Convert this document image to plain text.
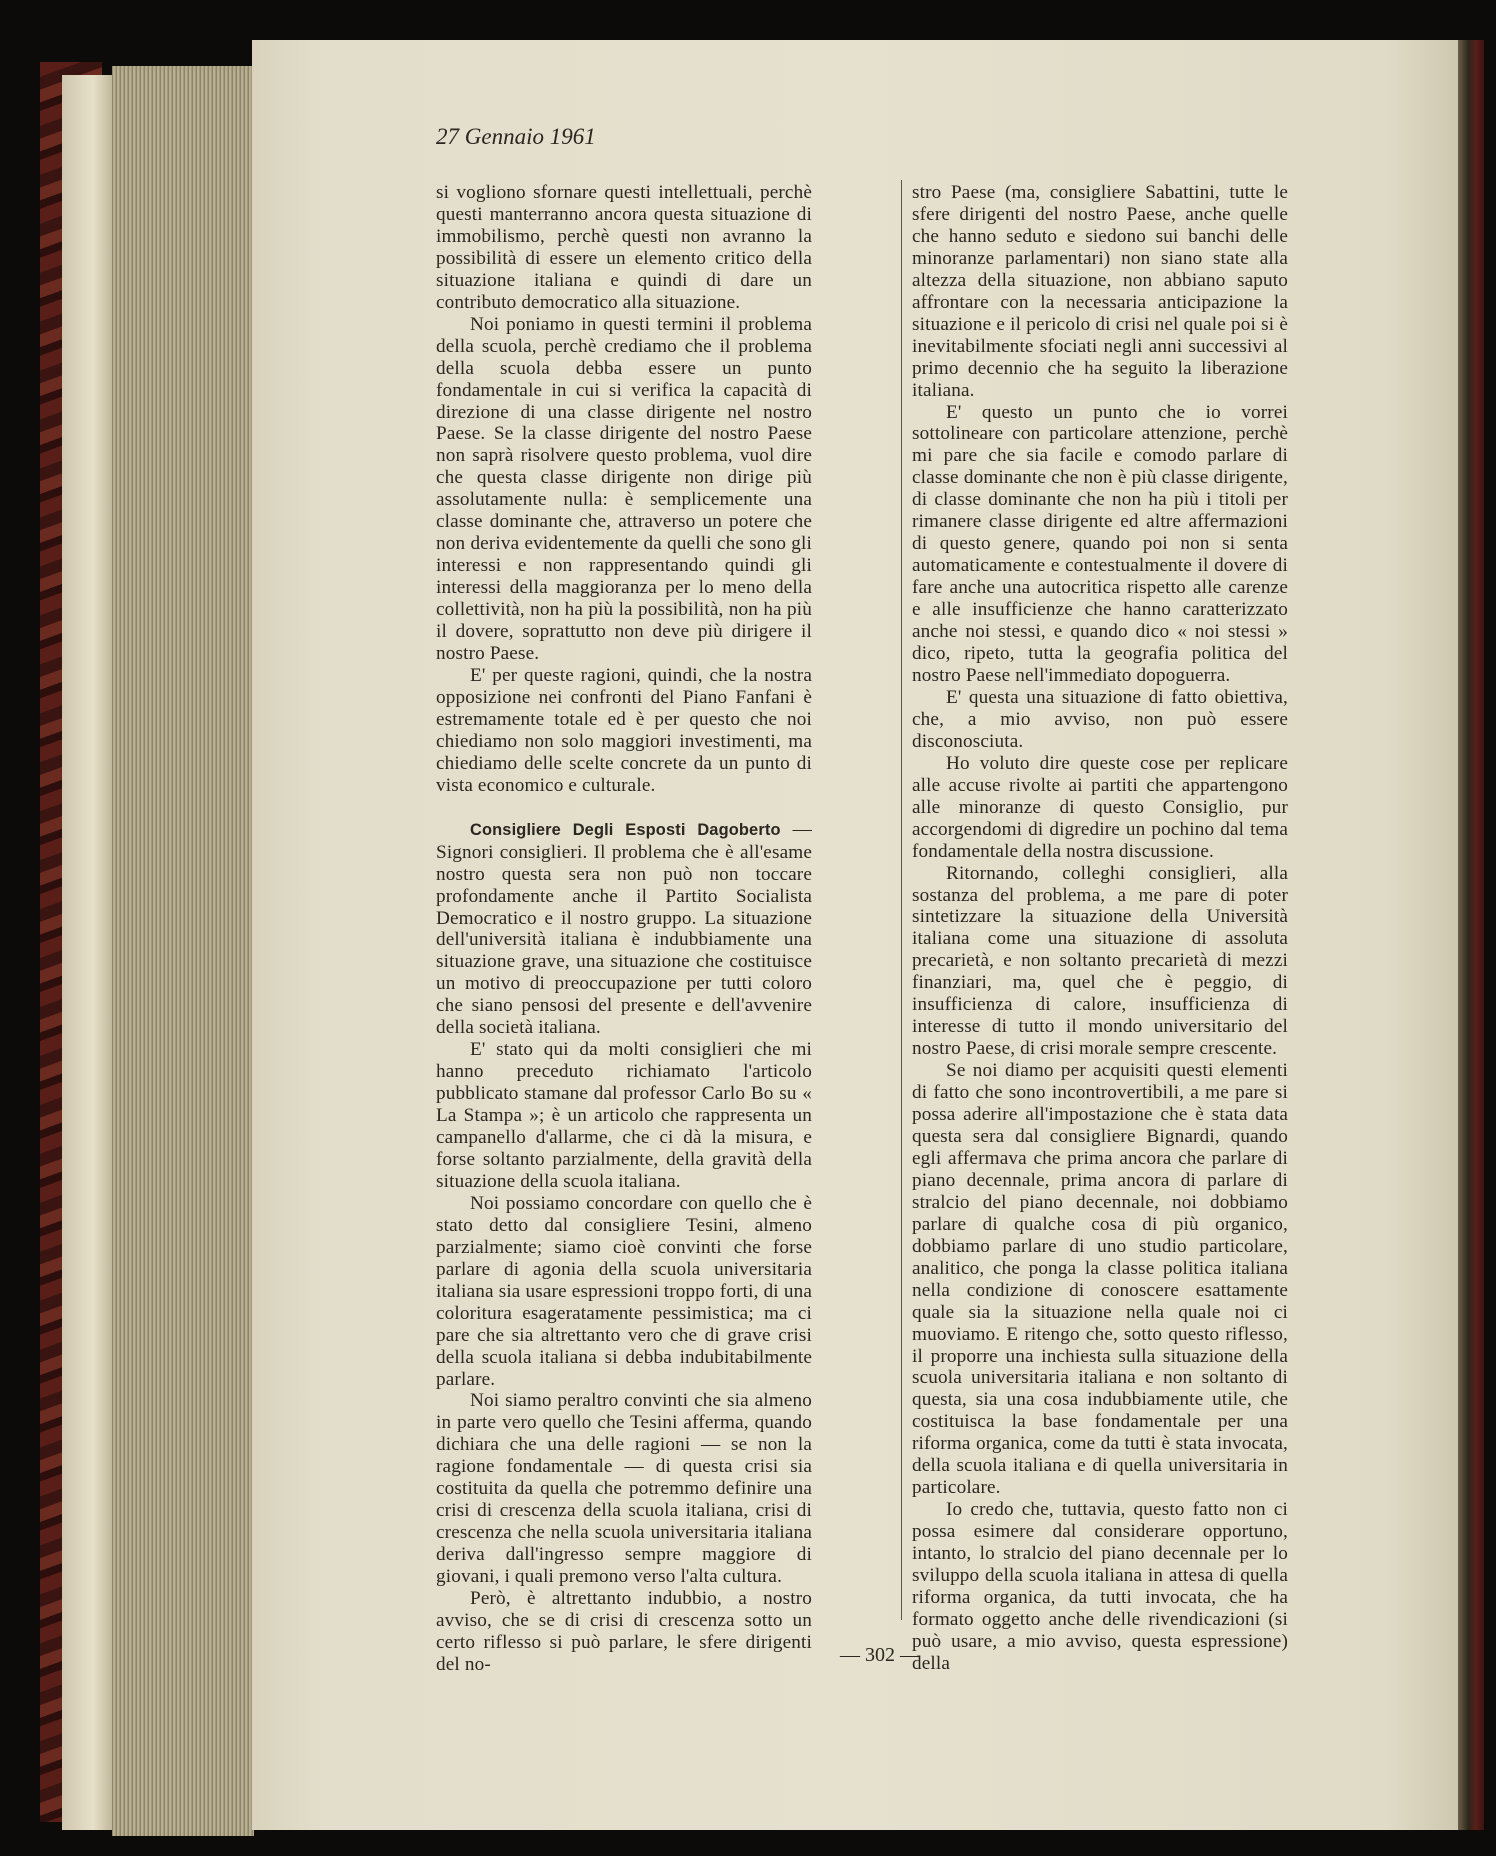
27 Gennaio 1961

si vogliono sfornare questi intellettuali, perchè questi manterranno ancora questa situazione di immobilismo, perchè questi non avranno la possibilità di essere un elemento critico della situazione italiana e quindi di dare un contributo democratico alla situazione.

Noi poniamo in questi termini il problema della scuola, perchè crediamo che il problema della scuola debba essere un punto fondamentale in cui si verifica la capacità di direzione di una classe dirigente nel nostro Paese. Se la classe dirigente del nostro Paese non saprà risolvere questo problema, vuol dire che questa classe dirigente non dirige più assolutamente nulla: è semplicemente una classe dominante che, attraverso un potere che non deriva evidentemente da quelli che sono gli interessi e non rappresentando quindi gli interessi della maggioranza per lo meno della collettività, non ha più la possibilità, non ha più il dovere, soprattutto non deve più dirigere il nostro Paese.

E' per queste ragioni, quindi, che la nostra opposizione nei confronti del Piano Fanfani è estremamente totale ed è per questo che noi chiediamo non solo maggiori investimenti, ma chiediamo delle scelte concrete da un punto di vista economico e culturale.

Consigliere Degli Esposti Dagoberto — Signori consiglieri. Il problema che è all'esame nostro questa sera non può non toccare profondamente anche il Partito Socialista Democratico e il nostro gruppo. La situazione dell'università italiana è indubbiamente una situazione grave, una situazione che costituisce un motivo di preoccupazione per tutti coloro che siano pensosi del presente e dell'avvenire della società italiana.

E' stato qui da molti consiglieri che mi hanno preceduto richiamato l'articolo pubblicato stamane dal professor Carlo Bo su « La Stampa »; è un articolo che rappresenta un campanello d'allarme, che ci dà la misura, e forse soltanto parzialmente, della gravità della situazione della scuola italiana.

Noi possiamo concordare con quello che è stato detto dal consigliere Tesini, almeno parzialmente; siamo cioè convinti che forse parlare di agonia della scuola universitaria italiana sia usare espressioni troppo forti, di una coloritura esageratamente pessimistica; ma ci pare che sia altrettanto vero che di grave crisi della scuola italiana si debba indubitabilmente parlare.

Noi siamo peraltro convinti che sia almeno in parte vero quello che Tesini afferma, quando dichiara che una delle ragioni — se non la ragione fondamentale — di questa crisi sia costituita da quella che potremmo definire una crisi di crescenza della scuola italiana, crisi di crescenza che nella scuola universitaria italiana deriva dall'ingresso sempre maggiore di giovani, i quali premono verso l'alta cultura.

Però, è altrettanto indubbio, a nostro avviso, che se di crisi di crescenza sotto un certo riflesso si può parlare, le sfere dirigenti del no-

stro Paese (ma, consigliere Sabattini, tutte le sfere dirigenti del nostro Paese, anche quelle che hanno seduto e siedono sui banchi delle minoranze parlamentari) non siano state alla altezza della situazione, non abbiano saputo affrontare con la necessaria anticipazione la situazione e il pericolo di crisi nel quale poi si è inevitabilmente sfociati negli anni successivi al primo decennio che ha seguito la liberazione italiana.

E' questo un punto che io vorrei sottolineare con particolare attenzione, perchè mi pare che sia facile e comodo parlare di classe dominante che non è più classe dirigente, di classe dominante che non ha più i titoli per rimanere classe dirigente ed altre affermazioni di questo genere, quando poi non si senta automaticamente e contestualmente il dovere di fare anche una autocritica rispetto alle carenze e alle insufficienze che hanno caratterizzato anche noi stessi, e quando dico « noi stessi » dico, ripeto, tutta la geografia politica del nostro Paese nell'immediato dopoguerra.

E' questa una situazione di fatto obiettiva, che, a mio avviso, non può essere disconosciuta.

Ho voluto dire queste cose per replicare alle accuse rivolte ai partiti che appartengono alle minoranze di questo Consiglio, pur accorgendomi di digredire un pochino dal tema fondamentale della nostra discussione.

Ritornando, colleghi consiglieri, alla sostanza del problema, a me pare di poter sintetizzare la situazione della Università italiana come una situazione di assoluta precarietà, e non soltanto precarietà di mezzi finanziari, ma, quel che è peggio, di insufficienza di calore, insufficienza di interesse di tutto il mondo universitario del nostro Paese, di crisi morale sempre crescente.

Se noi diamo per acquisiti questi elementi di fatto che sono incontrovertibili, a me pare si possa aderire all'impostazione che è stata data questa sera dal consigliere Bignardi, quando egli affermava che prima ancora che parlare di piano decennale, prima ancora di parlare di stralcio del piano decennale, noi dobbiamo parlare di qualche cosa di più organico, dobbiamo parlare di uno studio particolare, analitico, che ponga la classe politica italiana nella condizione di conoscere esattamente quale sia la situazione nella quale noi ci muoviamo. E ritengo che, sotto questo riflesso, il proporre una inchiesta sulla situazione della scuola universitaria italiana e non soltanto di questa, sia una cosa indubbiamente utile, che costituisca la base fondamentale per una riforma organica, come da tutti è stata invocata, della scuola italiana e di quella universitaria in particolare.

Io credo che, tuttavia, questo fatto non ci possa esimere dal considerare opportuno, intanto, lo stralcio del piano decennale per lo sviluppo della scuola italiana in attesa di quella riforma organica, da tutti invocata, che ha formato oggetto anche delle rivendicazioni (si può usare, a mio avviso, questa espressione) della

— 302 —
